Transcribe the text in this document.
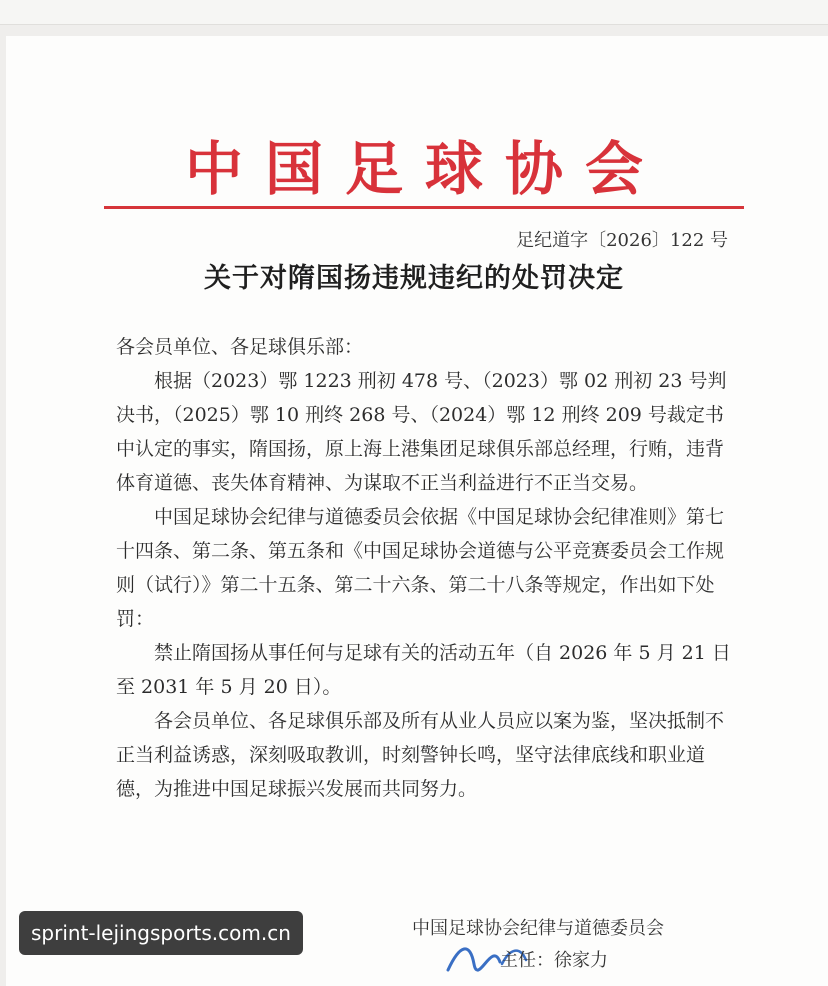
中国足球协会
足纪道字〔2026〕122 号
关于对隋国扬违规违纪的处罚决定

各会员单位、各足球俱乐部：

根据（2023）鄂 1223 刑初 478 号、（2023）鄂 02 刑初 23 号判决书，（2025）鄂 10 刑终 268 号、（2024）鄂 12 刑终 209 号裁定书中认定的事实，隋国扬，原上海上港集团足球俱乐部总经理，行贿，违背体育道德、丧失体育精神、为谋取不正当利益进行不正当交易。

中国足球协会纪律与道德委员会依据《中国足球协会纪律准则》第七十四条、第二条、第五条和《中国足球协会道德与公平竞赛委员会工作规则（试行）》第二十五条、第二十六条、第二十八条等规定，作出如下处罚：

禁止隋国扬从事任何与足球有关的活动五年（自 2026 年 5 月 21 日至 2031 年 5 月 20 日）。

各会员单位、各足球俱乐部及所有从业人员应以案为鉴，坚决抵制不正当利益诱惑，深刻吸取教训，时刻警钟长鸣，坚守法律底线和职业道德，为推进中国足球振兴发展而共同努力。

中国足球协会纪律与道德委员会
主任：徐家力
sprint-lejingsports.com.cn
